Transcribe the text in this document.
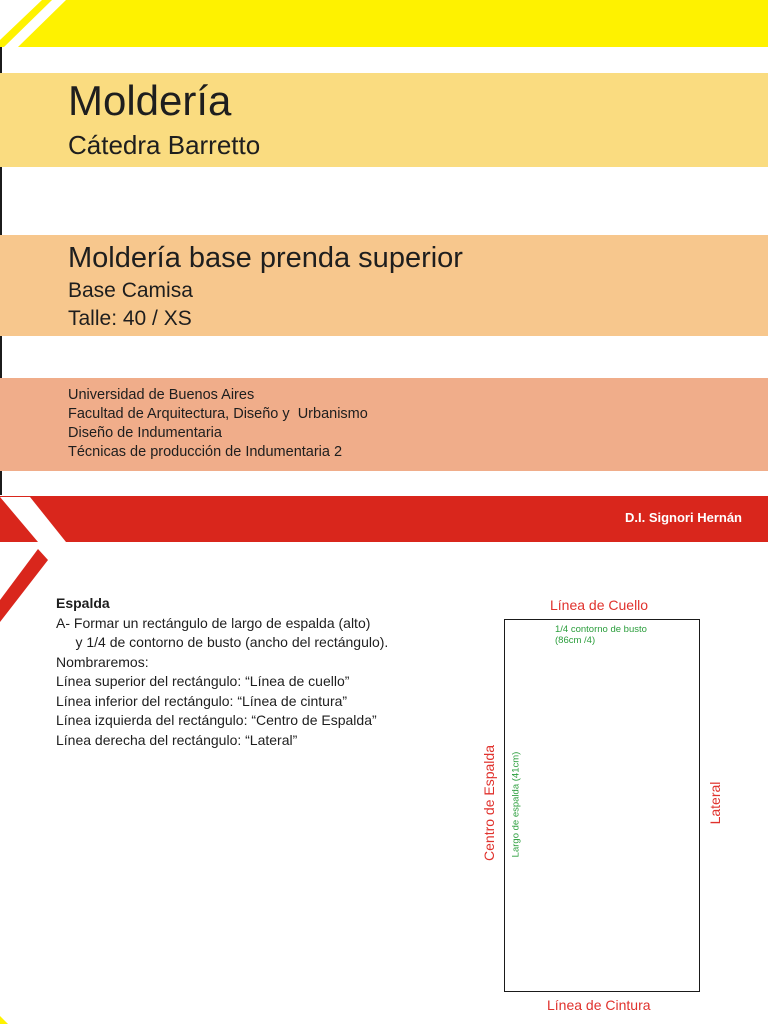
Moldería
Cátedra Barretto
Moldería base prenda superior
Base Camisa
Talle: 40 / XS
Universidad de Buenos Aires
Facultad de Arquitectura, Diseño y  Urbanismo
Diseño de Indumentaria
Técnicas de producción de Indumentaria 2
D.I. Signori Hernán
Espalda
A- Formar un rectángulo de largo de espalda (alto)
y 1/4 de contorno de busto (ancho del rectángulo).
Nombraremos:
Línea superior del rectángulo: “Línea de cuello”
Línea inferior del rectángulo: “Línea de cintura”
Línea izquierda del rectángulo: “Centro de Espalda”
Línea derecha del rectángulo: “Lateral”
Línea de Cuello
Línea de Cintura
1/4 contorno de busto
(86cm /4)
Centro de Espalda Largo de espalda (41cm)	Lateral
